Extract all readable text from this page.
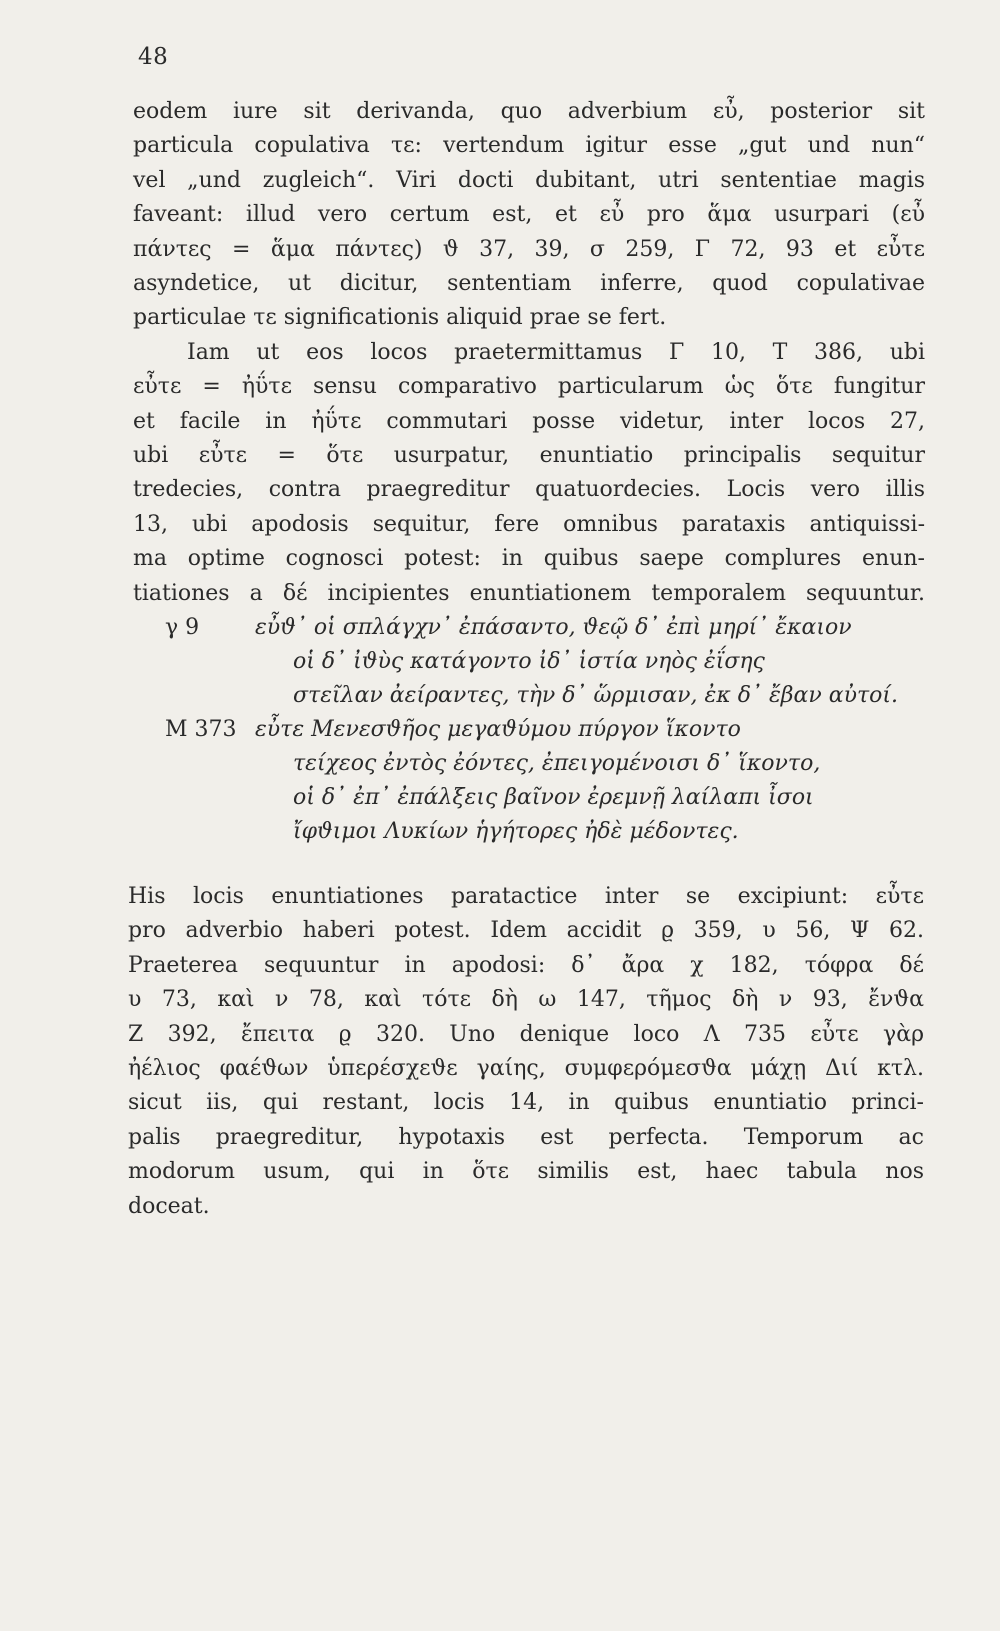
48
eodem iure sit derivanda, quo adverbium εὖ, posterior sit
particula copulativa τε: vertendum igitur esse „gut und nun“
vel „und zugleich“. Viri docti dubitant, utri sententiae magis
faveant: illud vero certum est, et εὖ pro ἅμα usurpari (εὖ
πάντες = ἅμα πάντες) ϑ 37, 39, σ 259, Γ 72, 93 et εὖτε
asyndetice, ut dicitur, sententiam inferre, quod copulativae
particulae τε significationis aliquid prae se fert.
Iam ut eos locos praetermittamus Γ 10, Τ 386, ubi
εὖτε = ἠΰτε sensu comparativo particularum ὡς ὅτε fungitur
et facile in ἠΰτε commutari posse videtur, inter locos 27,
ubi εὖτε = ὅτε usurpatur, enuntiatio principalis sequitur
tredecies, contra praegreditur quatuordecies. Locis vero illis
13, ubi apodosis sequitur, fere omnibus parataxis antiquissi-
ma optime cognosci potest: in quibus saepe complures enun-
tiationes a δέ incipientes enuntiationem temporalem sequuntur.
γ 9	εὖϑ᾽ οἱ σπλάγχν᾽ ἐπάσαντο, ϑεῷ δ᾽ ἐπὶ μηρί᾽ ἔκαιον
οἱ δ᾽ ἰϑὺς κατάγοντο ἰδ᾽ ἱστία νηὸς ἐΐσης
στεῖλαν ἀείραντες, τὴν δ᾽ ὥρμισαν, ἐκ δ᾽ ἔβαν αὐτοί.
Μ 373 εὖτε Μενεσϑῆος μεγαϑύμου πύργον ἵκοντο
τείχεος ἐντὸς ἐόντες, ἐπειγομένοισι δ᾽ ἵκοντο,
οἱ δ᾽ ἐπ᾽ ἐπάλξεις βαῖνον ἐρεμνῇ λαίλαπι ἶσοι
ἴφϑιμοι Λυκίων ἡγήτορες ἠδὲ μέδοντες.
His locis enuntiationes paratactice inter se excipiunt: εὖτε
pro adverbio haberi potest. Idem accidit ϱ 359, υ 56, Ψ 62.
Praeterea sequuntur in apodosi: δ᾽ ἄρα χ 182, τόφρα δέ
υ 73, καὶ ν 78, καὶ τότε δὴ ω 147, τῆμος δὴ ν 93, ἔνϑα
Ζ 392, ἔπειτα ϱ 320. Uno denique loco Λ 735 εὖτε γὰρ
ἠέλιος φαέϑων ὑπερέσχεϑε γαίης, συμφερόμεσϑα μάχῃ Διί κτλ.
sicut iis, qui restant, locis 14, in quibus enuntiatio princi-
palis praegreditur, hypotaxis est perfecta. Temporum ac
modorum usum, qui in ὅτε similis est, haec tabula nos
doceat.
